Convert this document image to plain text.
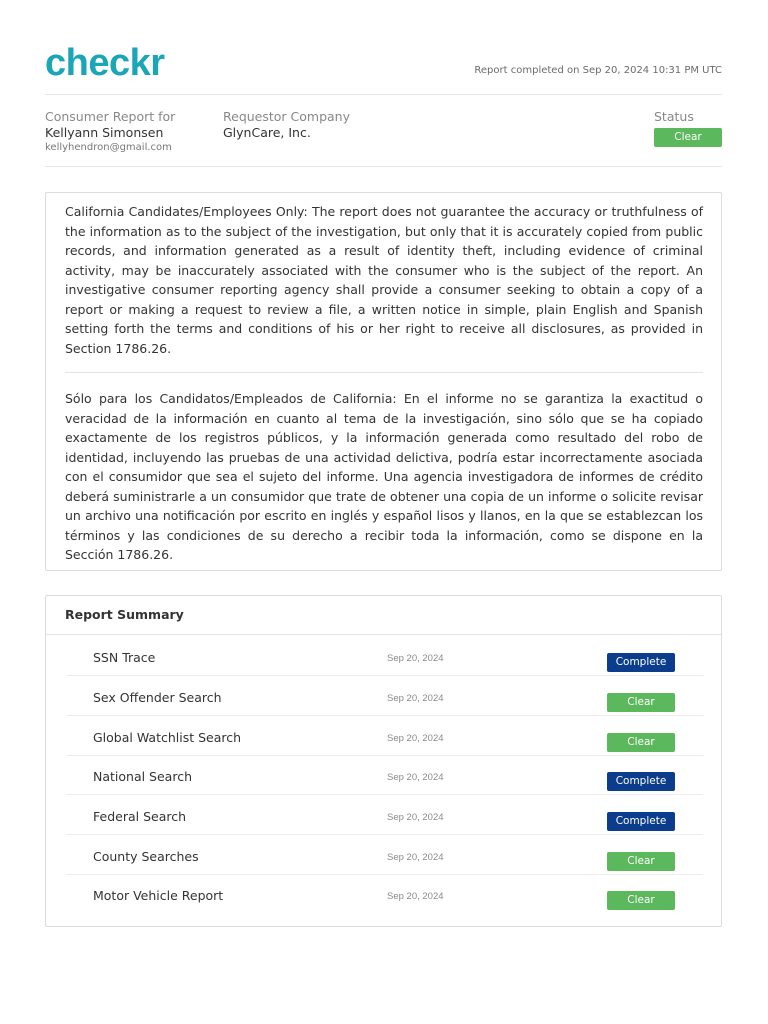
checkr	Report completed on Sep 20, 2024 10:31 PM UTC
Consumer Report for
Kellyann Simonsen
kellyhendron@gmail.com
Requestor Company
GlynCare, Inc.
Status
Clear

California Candidates/Employees Only: The report does not guarantee the accuracy or truthfulness of the information as to the subject of the investigation, but only that it is accurately copied from public records, and information generated as a result of identity theft, including evidence of criminal activity, may be inaccurately associated with the consumer who is the subject of the report. An investigative consumer reporting agency shall provide a consumer seeking to obtain a copy of a report or making a request to review a file, a written notice in simple, plain English and Spanish setting forth the terms and conditions of his or her right to receive all disclosures, as provided in Section 1786.26.

Sólo para los Candidatos/Empleados de California: En el informe no se garantiza la exactitud o veracidad de la información en cuanto al tema de la investigación, sino sólo que se ha copiado exactamente de los registros públicos, y la información generada como resultado del robo de identidad, incluyendo las pruebas de una actividad delictiva, podría estar incorrectamente asociada con el consumidor que sea el sujeto del informe. Una agencia investigadora de informes de crédito deberá suministrarle a un consumidor que trate de obtener una copia de un informe o solicite revisar un archivo una notificación por escrito en inglés y español lisos y llanos, en la que se establezcan los términos y las condiciones de su derecho a recibir toda la información, como se dispone en la Sección 1786.26.

Report Summary
SSN Trace	Sep 20, 2024	Complete
Sex Offender Search	Sep 20, 2024	Clear
Global Watchlist Search	Sep 20, 2024	Clear
National Search	Sep 20, 2024	Complete
Federal Search	Sep 20, 2024	Complete
County Searches	Sep 20, 2024	Clear
Motor Vehicle Report	Sep 20, 2024	Clear
